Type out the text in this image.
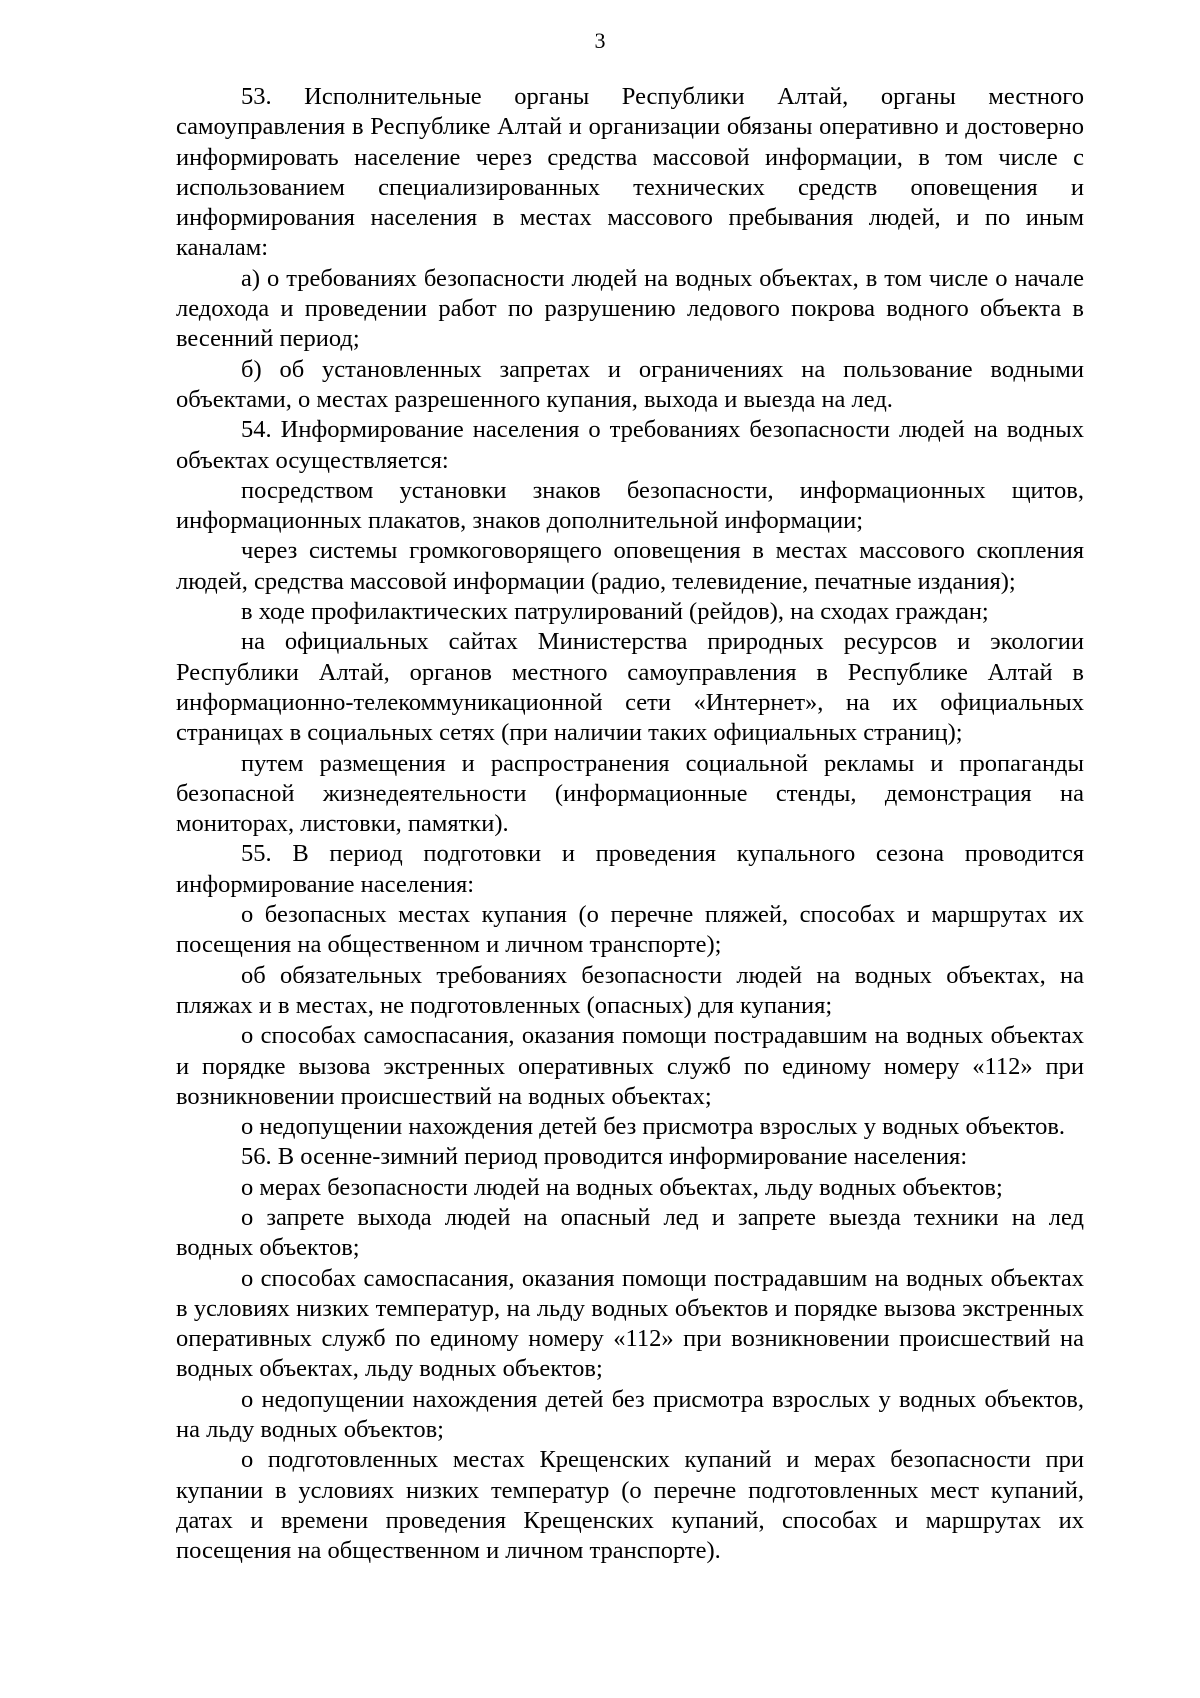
3

53. Исполнительные органы Республики Алтай, органы местного самоуправления в Республике Алтай и организации обязаны оперативно и достоверно информировать население через средства массовой информации, в том числе с использованием специализированных технических средств оповещения и информирования населения в местах массового пребывания людей, и по иным каналам:

а) о требованиях безопасности людей на водных объектах, в том числе о начале ледохода и проведении работ по разрушению ледового покрова водного объекта в весенний период;

б) об установленных запретах и ограничениях на пользование водными объектами, о местах разрешенного купания, выхода и выезда на лед.

54. Информирование населения о требованиях безопасности людей на водных объектах осуществляется:

посредством установки знаков безопасности, информационных щитов, информационных плакатов, знаков дополнительной информации;

через системы громкоговорящего оповещения в местах массового скопления людей, средства массовой информации (радио, телевидение, печатные издания);

в ходе профилактических патрулирований (рейдов), на сходах граждан;

на официальных сайтах Министерства природных ресурсов и экологии Республики Алтай, органов местного самоуправления в Республике Алтай в информационно-телекоммуникационной сети «Интернет», на их официальных страницах в социальных сетях (при наличии таких официальных страниц);

путем размещения и распространения социальной рекламы и пропаганды безопасной жизнедеятельности (информационные стенды, демонстрация на мониторах, листовки, памятки).

55. В период подготовки и проведения купального сезона проводится информирование населения:

о безопасных местах купания (о перечне пляжей, способах и маршрутах их посещения на общественном и личном транспорте);

об обязательных требованиях безопасности людей на водных объектах, на пляжах и в местах, не подготовленных (опасных) для купания;

о способах самоспасания, оказания помощи пострадавшим на водных объектах и порядке вызова экстренных оперативных служб по единому номеру «112» при возникновении происшествий на водных объектах;

о недопущении нахождения детей без присмотра взрослых у водных объектов.

56. В осенне-зимний период проводится информирование населения:

о мерах безопасности людей на водных объектах, льду водных объектов;

о запрете выхода людей на опасный лед и запрете выезда техники на лед водных объектов;

о способах самоспасания, оказания помощи пострадавшим на водных объектах в условиях низких температур, на льду водных объектов и порядке вызова экстренных оперативных служб по единому номеру «112» при возникновении происшествий на водных объектах, льду водных объектов;

о недопущении нахождения детей без присмотра взрослых у водных объектов, на льду водных объектов;

о подготовленных местах Крещенских купаний и мерах безопасности при купании в условиях низких температур (о перечне подготовленных мест купаний, датах и времени проведения Крещенских купаний, способах и маршрутах их посещения на общественном и личном транспорте).
